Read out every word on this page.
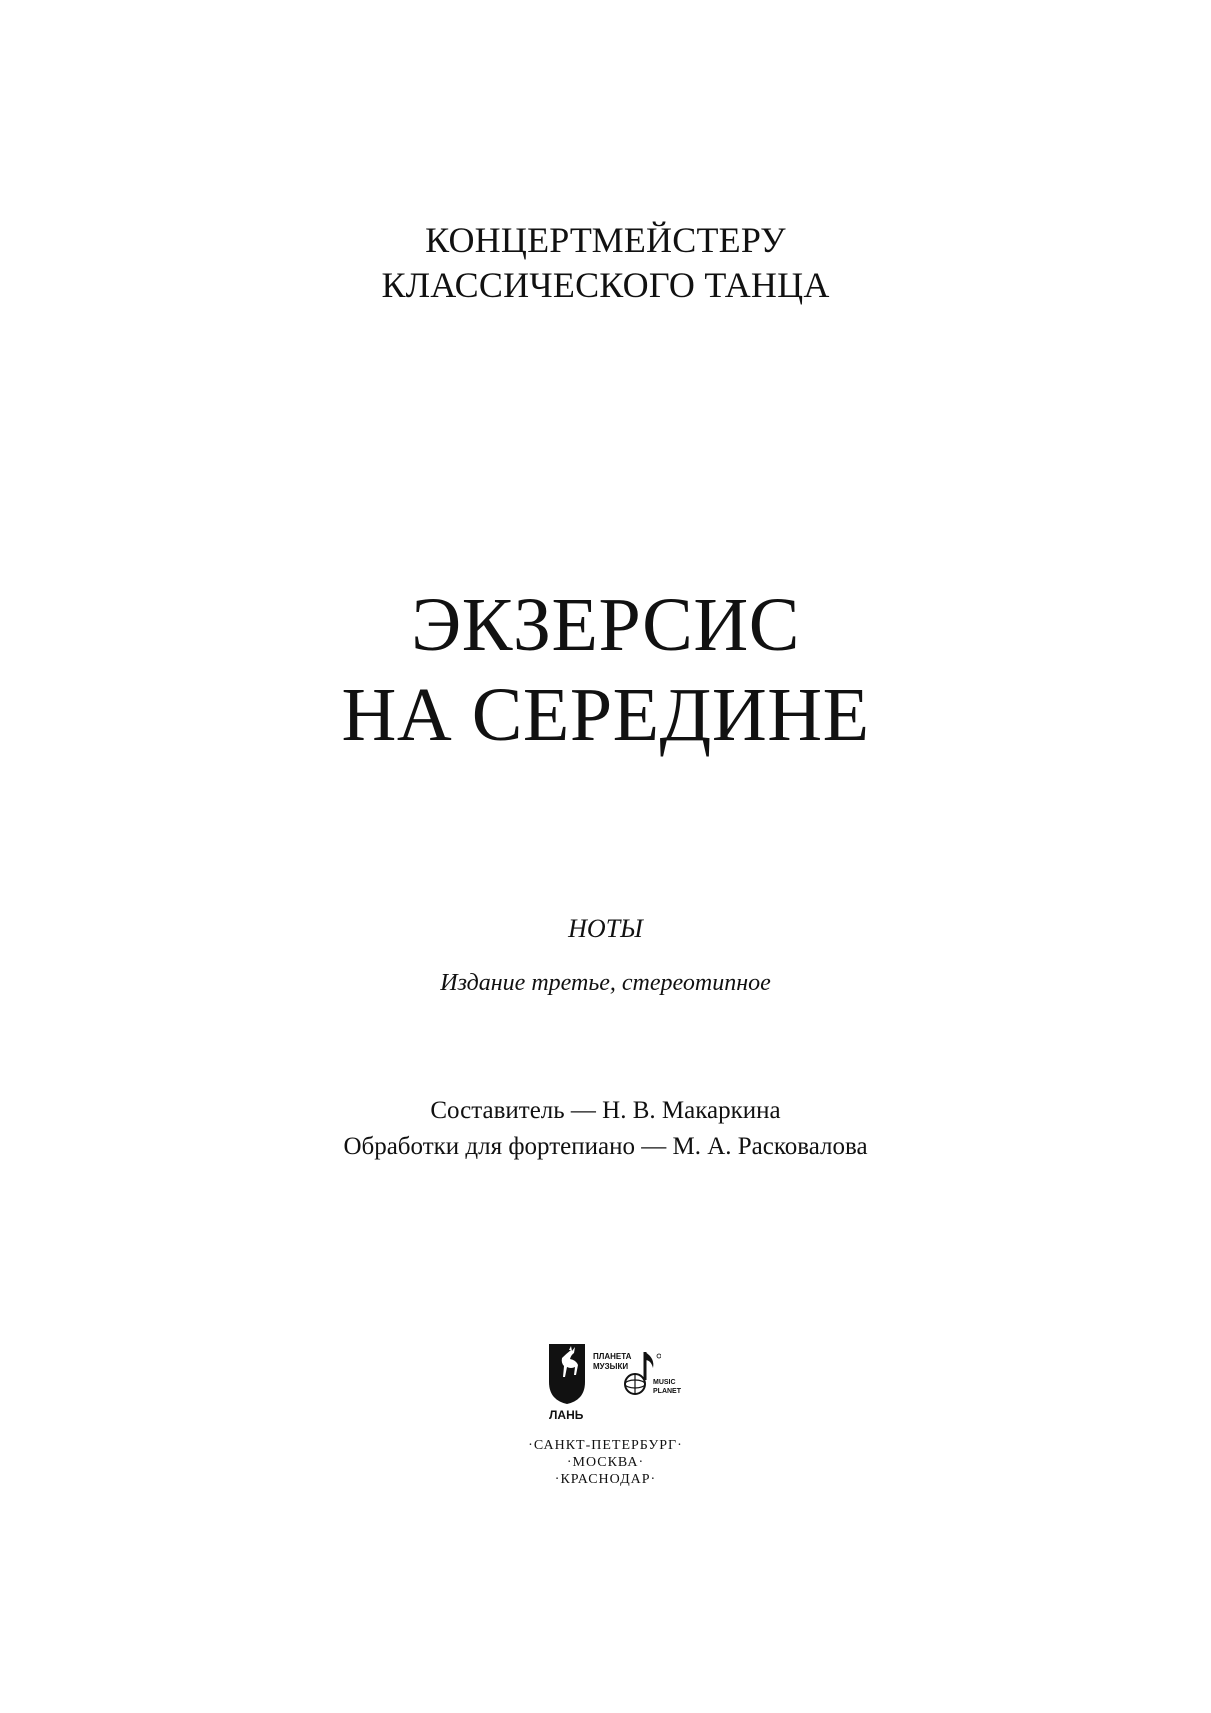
КОНЦЕРТМЕЙСТЕРУ
КЛАССИЧЕСКОГО ТАНЦА
ЭКЗЕРСИС
НА СЕРЕДИНЕ
НОТЫ
Издание третье, стереотипное
Составитель — Н. В. Макаркина
Обработки для фортепиано — М. А. Расковалова
ЛАНЬ
ПЛАНЕТА
МУЗЫКИ
MUSIC
PLANET
·САНКТ-ПЕТЕРБУРГ·
·МОСКВА·
·КРАСНОДАР·
